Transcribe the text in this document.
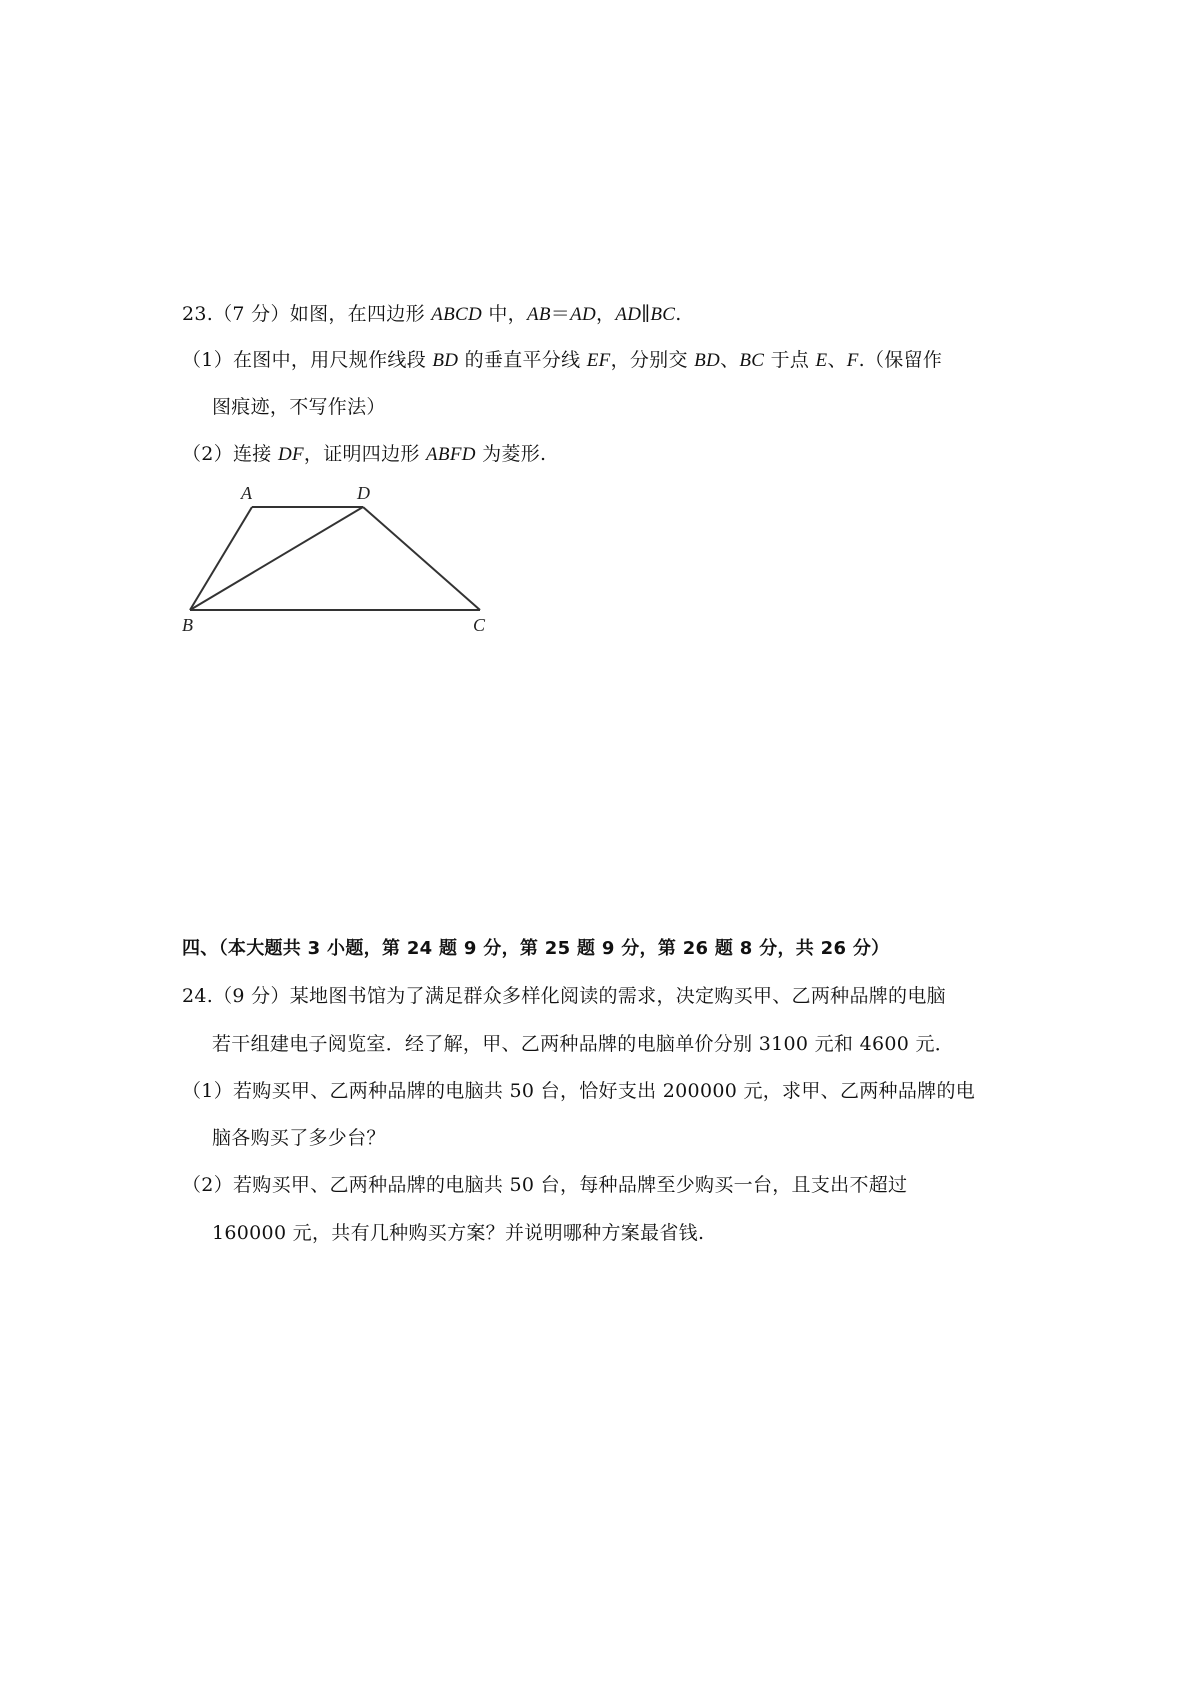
23.（7 分）如图，在四边形 ABCD 中，AB＝AD，AD∥BC.
（1）在图中，用尺规作线段 BD 的垂直平分线 EF，分别交 BD、BC 于点 E、F.（保留作
图痕迹，不写作法）
（2）连接 DF，证明四边形 ABFD 为菱形.
A	D
B	C
四、（本大题共 3 小题，第 24 题 9 分，第 25 题 9 分，第 26 题 8 分，共 26 分）
24.（9 分）某地图书馆为了满足群众多样化阅读的需求，决定购买甲、乙两种品牌的电脑
若干组建电子阅览室．经了解，甲、乙两种品牌的电脑单价分别 3100 元和 4600 元．
（1）若购买甲、乙两种品牌的电脑共 50 台，恰好支出 200000 元，求甲、乙两种品牌的电
脑各购买了多少台？
（2）若购买甲、乙两种品牌的电脑共 50 台，每种品牌至少购买一台，且支出不超过
160000 元，共有几种购买方案？并说明哪种方案最省钱.
